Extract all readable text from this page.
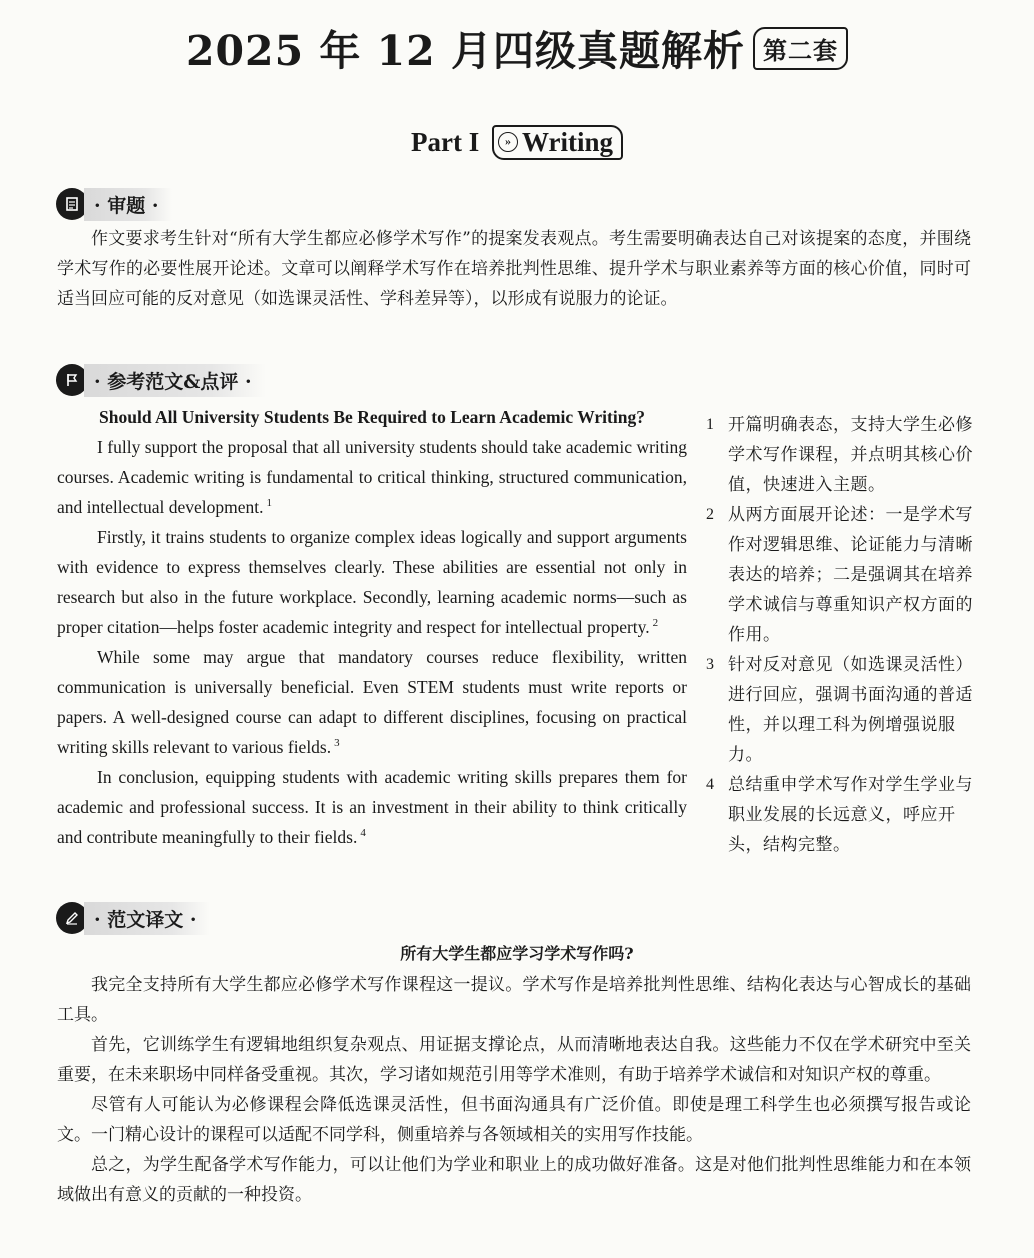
2025 年 12 月四级真题解析 第二套
Part I » Writing
· 审题 ·

作文要求考生针对“所有大学生都应必修学术写作”的提案发表观点。考生需要明确表达自己对该提案的态度，并围绕学术写作的必要性展开论述。文章可以阐释学术写作在培养批判性思维、提升学术与职业素养等方面的核心价值，同时可适当回应可能的反对意见（如选课灵活性、学科差异等），以形成有说服力的论证。

· 参考范文&点评 ·
Should All University Students Be Required to Learn Academic Writing?

I fully support the proposal that all university students should take academic writing courses. Academic writing is fundamental to critical thinking, structured communication, and intellectual development. $^1$

Firstly, it trains students to organize complex ideas logically and support arguments with evidence to express themselves clearly. These abilities are essential not only in research but also in the future workplace. Secondly, learning academic norms—such as proper citation—helps foster academic integrity and respect for intellectual property. $^2$

While some may argue that mandatory courses reduce flexibility, written communication is universally beneficial. Even STEM students must write reports or papers. A well-designed course can adapt to different disciplines, focusing on practical writing skills relevant to various fields. $^3$

In conclusion, equipping students with academic writing skills prepares them for academic and professional success. It is an investment in their ability to think critically and contribute meaningfully to their fields. $^4$

1 开篇明确表态，支持大学生必修学术写作课程，并点明其核心价值，快速进入主题。
2 从两方面展开论述：一是学术写作对逻辑思维、论证能力与清晰表达的培养；二是强调其在培养学术诚信与尊重知识产权方面的作用。
3 针对反对意见（如选课灵活性）进行回应，强调书面沟通的普适性，并以理工科为例增强说服力。
4 总结重申学术写作对学生学业与职业发展的长远意义，呼应开头，结构完整。
· 范文译文 ·
所有大学生都应学习学术写作吗?

我完全支持所有大学生都应必修学术写作课程这一提议。学术写作是培养批判性思维、结构化表达与心智成长的基础工具。

首先，它训练学生有逻辑地组织复杂观点、用证据支撑论点，从而清晰地表达自我。这些能力不仅在学术研究中至关重要，在未来职场中同样备受重视。其次，学习诸如规范引用等学术准则，有助于培养学术诚信和对知识产权的尊重。

尽管有人可能认为必修课程会降低选课灵活性，但书面沟通具有广泛价值。即使是理工科学生也必须撰写报告或论文。一门精心设计的课程可以适配不同学科，侧重培养与各领域相关的实用写作技能。

总之，为学生配备学术写作能力，可以让他们为学业和职业上的成功做好准备。这是对他们批判性思维能力和在本领域做出有意义的贡献的一种投资。
